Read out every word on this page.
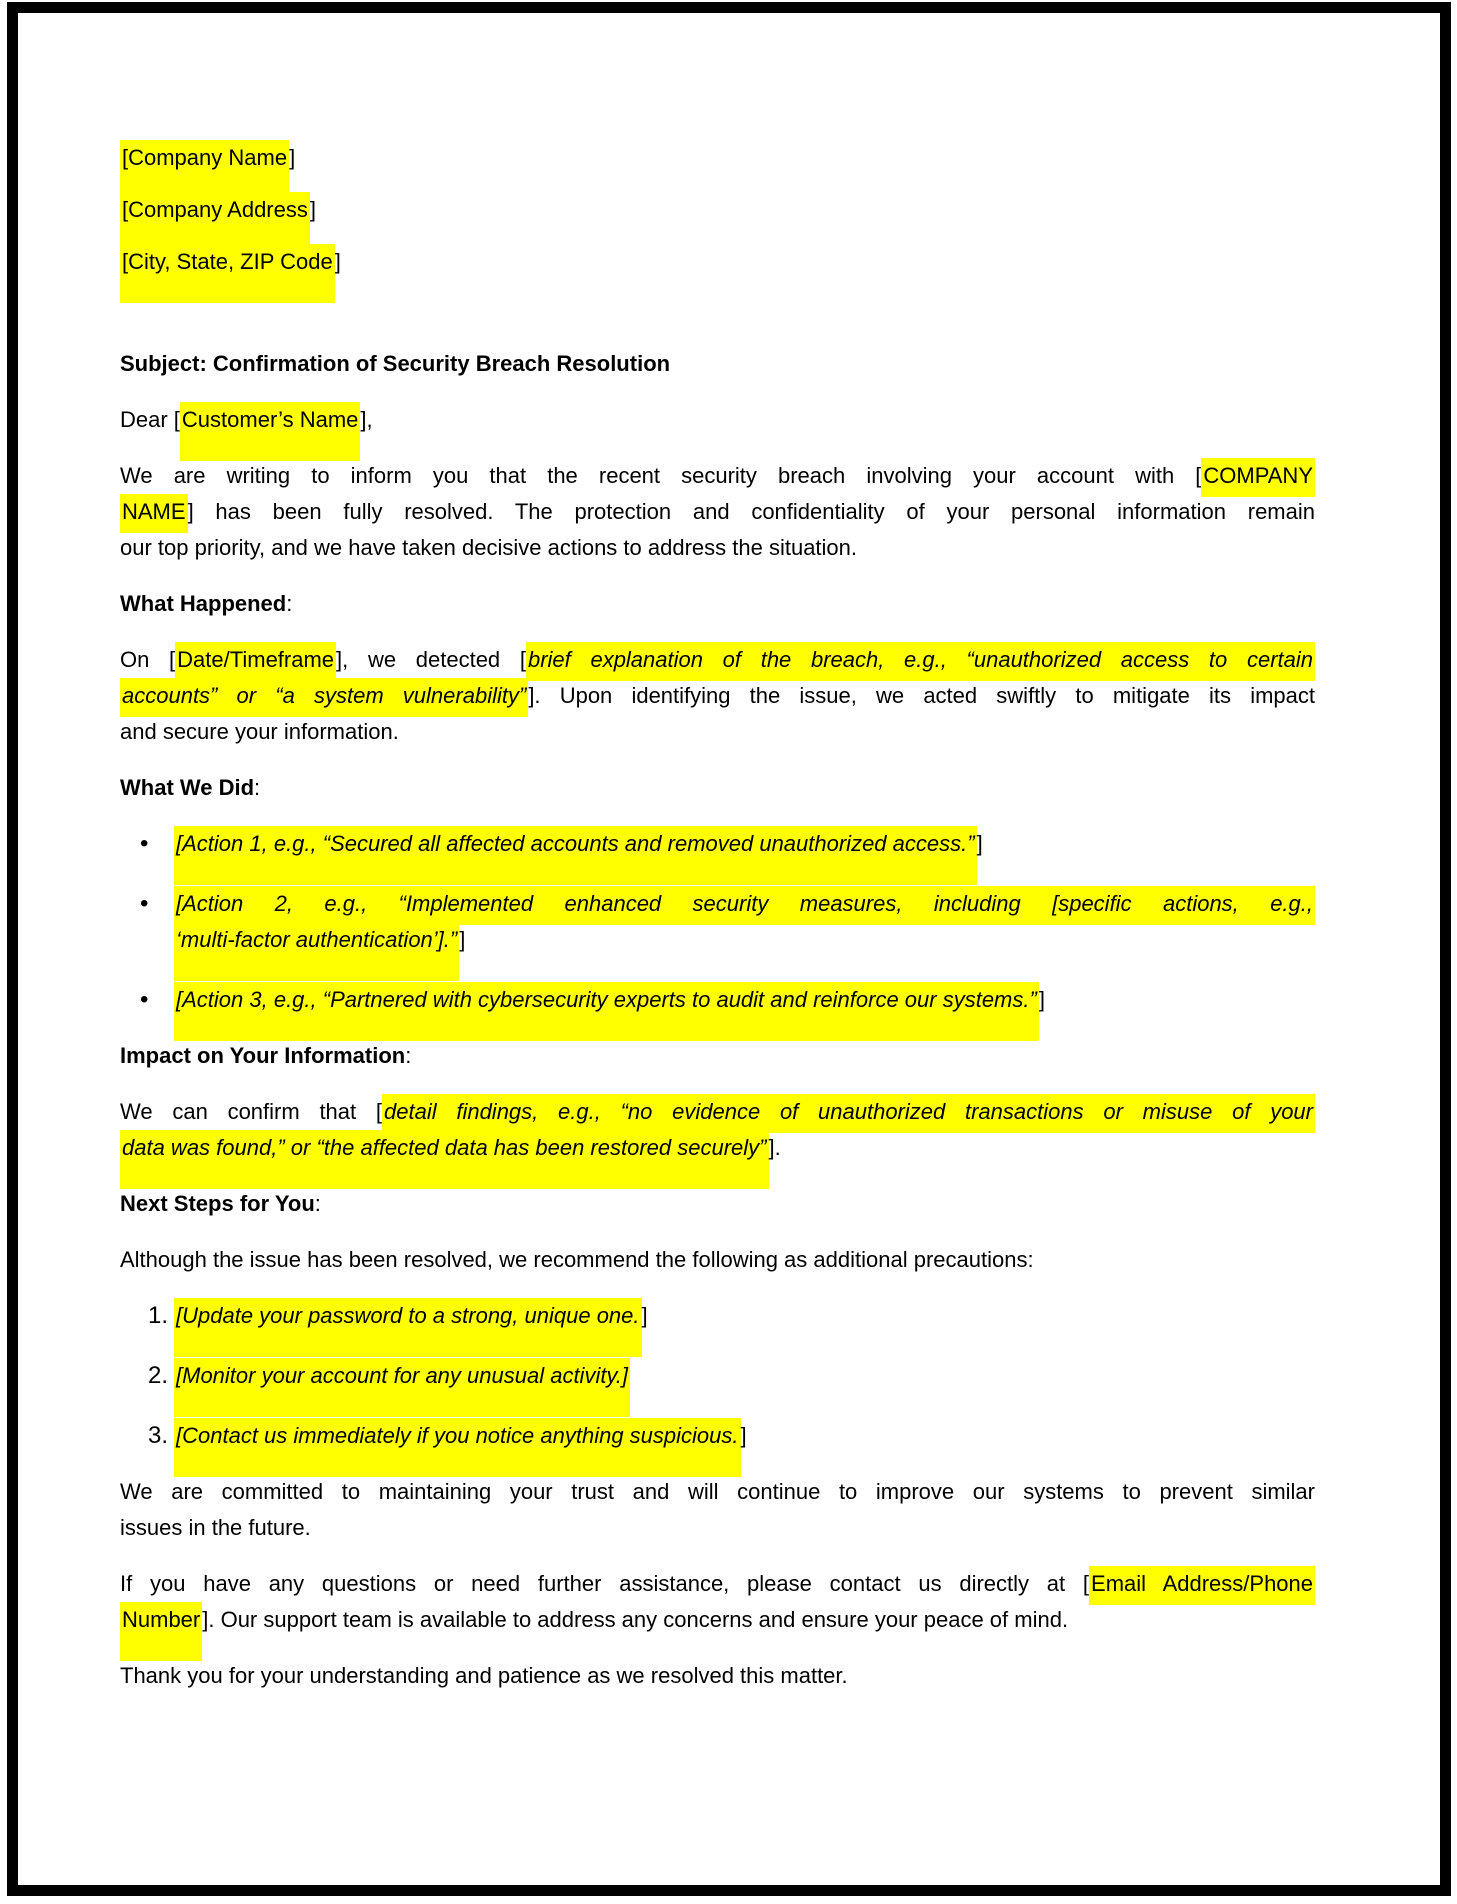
[Company Name]
[Company Address]
[City, State, ZIP Code]
Subject: Confirmation of Security Breach Resolution
Dear [Customer’s Name],
We are writing to inform you that the recent security breach involving your account with [COMPANY
NAME] has been fully resolved. The protection and confidentiality of your personal information remain
our top priority, and we have taken decisive actions to address the situation.
What Happened:
On [Date/Timeframe], we detected [brief explanation of the breach, e.g., “unauthorized access to certain
accounts” or “a system vulnerability”]. Upon identifying the issue, we acted swiftly to mitigate its impact
and secure your information.
What We Did:
• [Action 1, e.g., “Secured all affected accounts and removed unauthorized access.”]
• [Action 2, e.g., “Implemented enhanced security measures, including [specific actions, e.g.,
‘multi-factor authentication’].”]
• [Action 3, e.g., “Partnered with cybersecurity experts to audit and reinforce our systems.”]
Impact on Your Information:
We can confirm that [detail findings, e.g., “no evidence of unauthorized transactions or misuse of your
data was found,” or “the affected data has been restored securely”].
Next Steps for You:
Although the issue has been resolved, we recommend the following as additional precautions:
1. [Update your password to a strong, unique one.]
2. [Monitor your account for any unusual activity.]
3. [Contact us immediately if you notice anything suspicious.]
We are committed to maintaining your trust and will continue to improve our systems to prevent similar
issues in the future.
If you have any questions or need further assistance, please contact us directly at [Email Address/Phone
Number]. Our support team is available to address any concerns and ensure your peace of mind.
Thank you for your understanding and patience as we resolved this matter.
